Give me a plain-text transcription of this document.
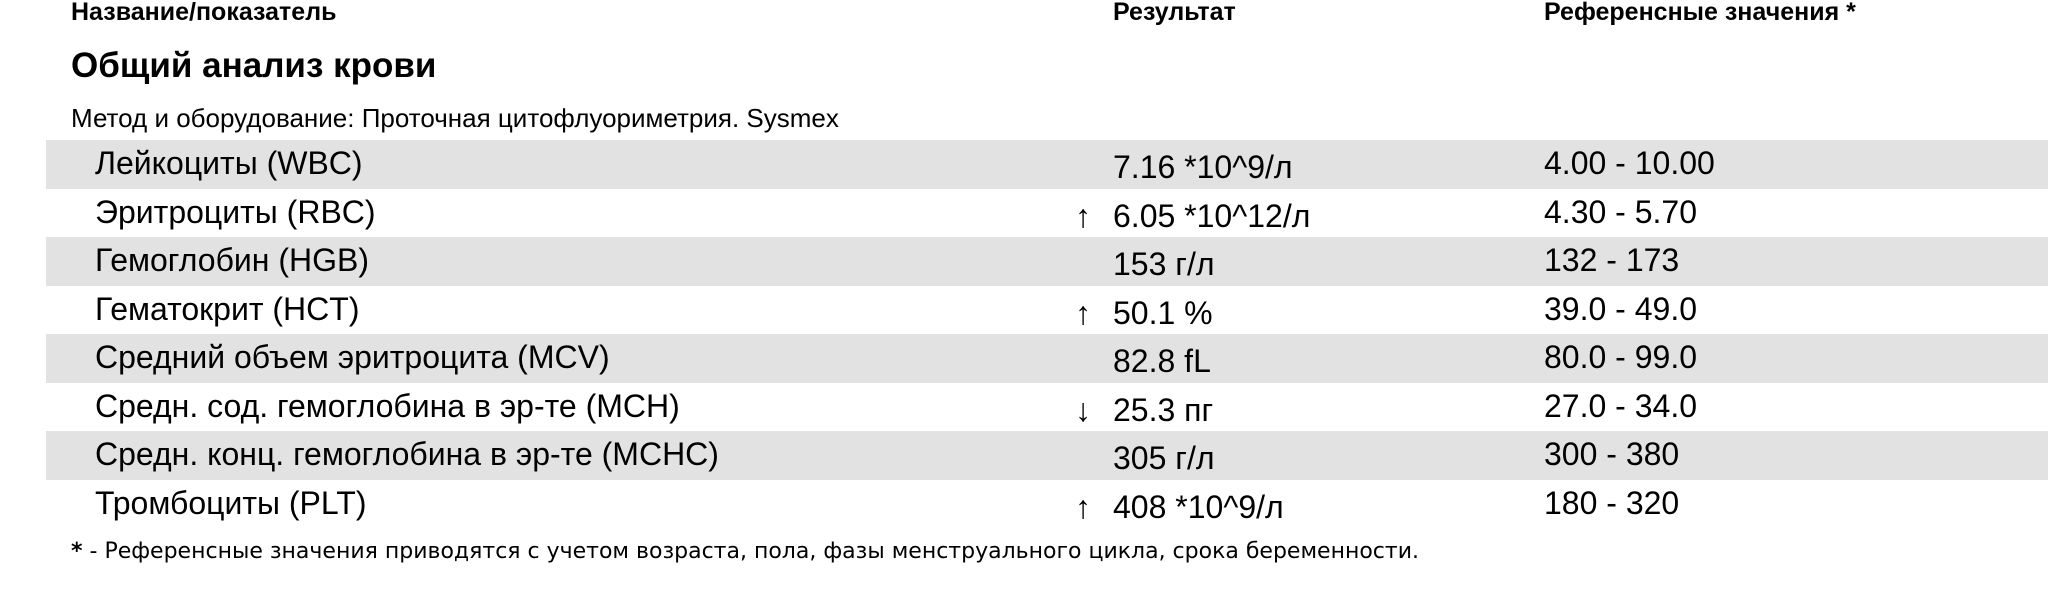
Название/показатель	Результат	Референсные значения *
Общий анализ крови
Метод и оборудование: Проточная цитофлуориметрия. Sysmex
Лейкоциты (WBC)	7.16 *10^9/л	4.00 - 10.00
Эритроциты (RBC)	↑ 6.05 *10^12/л	4.30 - 5.70
Гемоглобин (HGB)	153 г/л	132 - 173
Гематокрит (HCT)	↑ 50.1 %	39.0 - 49.0
Средний объем эритроцита (MCV)	82.8 fL	80.0 - 99.0
Средн. сод. гемоглобина в эр-те (MCH)	↓ 25.3 пг	27.0 - 34.0
Средн. конц. гемоглобина в эр-те (MCHC)	305 г/л	300 - 380
Тромбоциты (PLT)	↑ 408 *10^9/л	180 - 320
* - Референсные значения приводятся с учетом возраста, пола, фазы менструального цикла, срока беременности.
